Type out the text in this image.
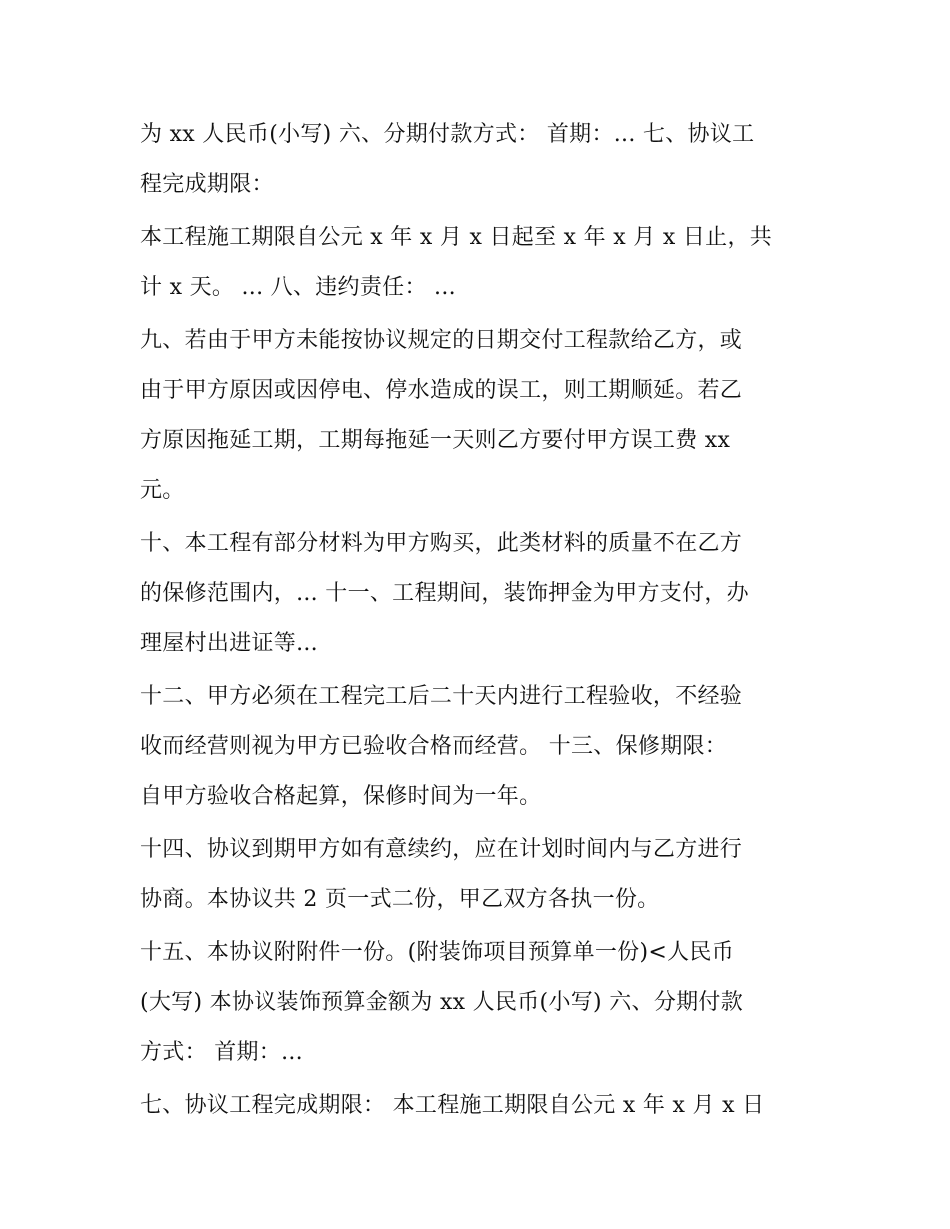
为 xx 人民币(小写) 六、分期付款方式： 首期：... 七、协议工
程完成期限：

本工程施工期限自公元 x 年 x 月 x 日起至 x 年 x 月 x 日止，共
计 x 天。 ... 八、违约责任： ...

九、若由于甲方未能按协议规定的日期交付工程款给乙方，或
由于甲方原因或因停电、停水造成的误工，则工期顺延。若乙
方原因拖延工期，工期每拖延一天则乙方要付甲方误工费 xx
元。

十、本工程有部分材料为甲方购买，此类材料的质量不在乙方
的保修范围内，... 十一、工程期间，装饰押金为甲方支付，办
理屋村出进证等...

十二、甲方必须在工程完工后二十天内进行工程验收，不经验
收而经营则视为甲方已验收合格而经营。 十三、保修期限：
自甲方验收合格起算，保修时间为一年。

十四、协议到期甲方如有意续约，应在计划时间内与乙方进行
协商。本协议共 2 页一式二份，甲乙双方各执一份。

十五、本协议附附件一份。(附装饰项目预算单一份)<人民币
(大写) 本协议装饰预算金额为 xx 人民币(小写) 六、分期付款
方式： 首期：...

七、协议工程完成期限： 本工程施工期限自公元 x 年 x 月 x 日
